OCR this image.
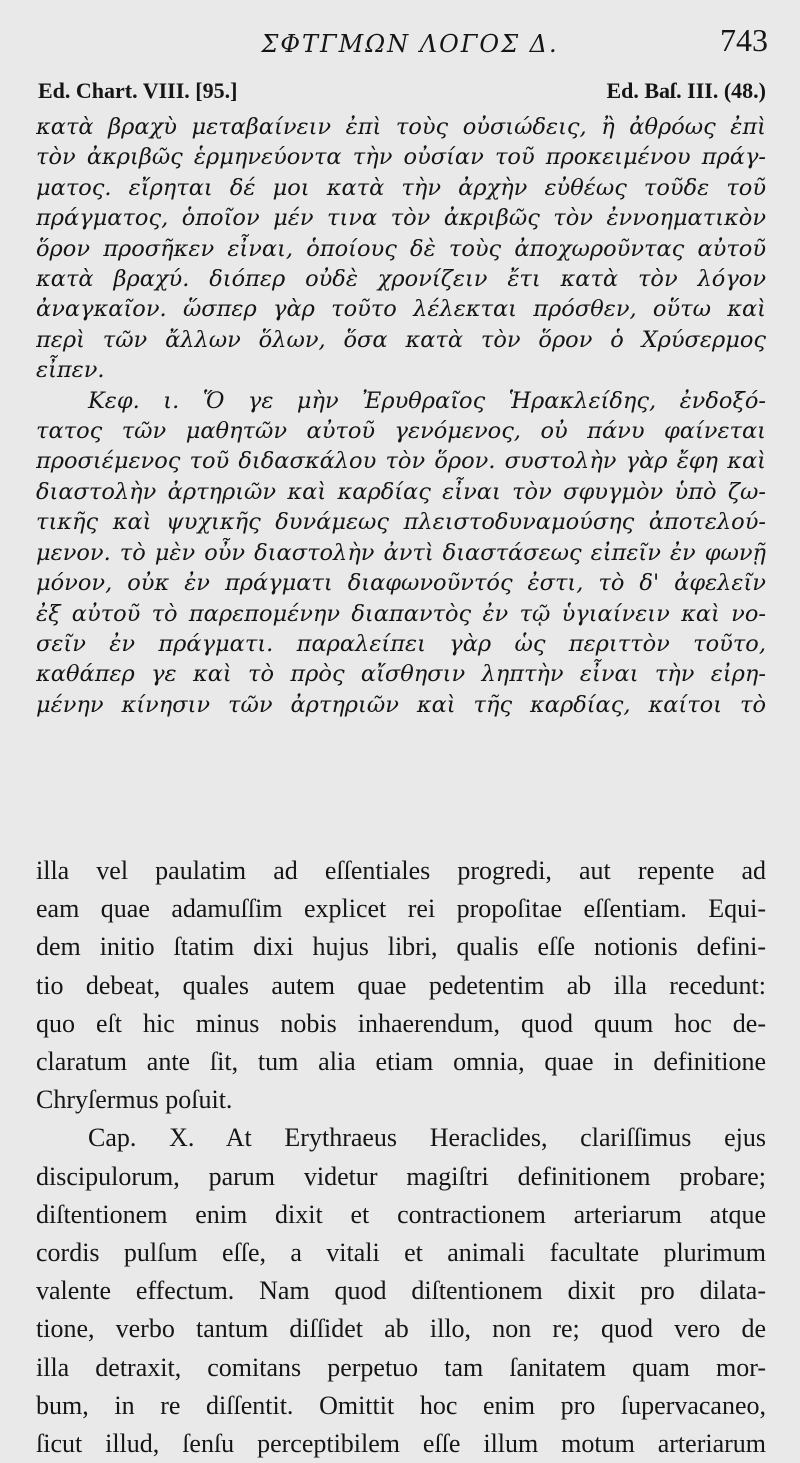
ΣΦΤΓΜΩΝ ΛΟΓΟΣ Δ.	743
Ed. Chart. VIII. [95.]	Ed. Baſ. III. (48.)
κατὰ βραχὺ μεταβαίνειν ἐπὶ τοὺς οὐσιώδεις, ἢ ἀθρόως ἐπὶ
τὸν ἀκριβῶς ἑρμηνεύοντα τὴν οὐσίαν τοῦ προκειμένου πράγ-
ματος. εἴρηται δέ μοι κατὰ τὴν ἀρχὴν εὐθέως τοῦδε τοῦ
πράγματος, ὁποῖον μέν τινα τὸν ἀκριβῶς τὸν ἐννοηματικὸν
ὅρον προσῆκεν εἶναι, ὁποίους δὲ τοὺς ἀποχωροῦντας αὐτοῦ
κατὰ βραχύ. διόπερ οὐδὲ χρονίζειν ἔτι κατὰ τὸν λόγον
ἀναγκαῖον. ὥσπερ γὰρ τοῦτο λέλεκται πρόσθεν, οὕτω καὶ
περὶ τῶν ἄλλων ὅλων, ὅσα κατὰ τὸν ὅρον ὁ Χρύσερμος
εἶπεν.
Κεφ. ι. Ὅ γε μὴν Ἐρυθραῖος Ἡρακλείδης, ἐνδοξό-
τατος τῶν μαθητῶν αὐτοῦ γενόμενος, οὐ πάνυ φαίνεται
προσιέμενος τοῦ διδασκάλου τὸν ὅρον. συστολὴν γὰρ ἔφη καὶ
διαστολὴν ἀρτηριῶν καὶ καρδίας εἶναι τὸν σφυγμὸν ὑπὸ ζω-
τικῆς καὶ ψυχικῆς δυνάμεως πλειστοδυναμούσης ἀποτελού-
μενον. τὸ μὲν οὖν διαστολὴν ἀντὶ διαστάσεως εἰπεῖν ἐν φωνῇ
μόνον, οὐκ ἐν πράγματι διαφωνοῦντός ἐστι, τὸ δ' ἀφελεῖν
ἐξ αὐτοῦ τὸ παρεπομένην διαπαντὸς ἐν τῷ ὑγιαίνειν καὶ νο-
σεῖν ἐν πράγματι. παραλείπει γὰρ ὡς περιττὸν τοῦτο,
καθάπερ γε καὶ τὸ πρὸς αἴσθησιν ληπτὴν εἶναι τὴν εἰρη-
μένην κίνησιν τῶν ἀρτηριῶν καὶ τῆς καρδίας, καίτοι τὸ
illa vel paulatim ad eſſentiales progredi, aut repente ad
eam quae adamuſſim explicet rei propoſitae eſſentiam. Equi-
dem initio ſtatim dixi hujus libri, qualis eſſe notionis defini-
tio debeat, quales autem quae pedetentim ab illa recedunt:
quo eſt hic minus nobis inhaerendum, quod quum hoc de-
claratum ante ſit, tum alia etiam omnia, quae in definitione
Chryſermus poſuit.
Cap. X. At Erythraeus Heraclides, clariſſimus ejus
discipulorum, parum videtur magiſtri definitionem probare;
diſtentionem enim dixit et contractionem arteriarum atque
cordis pulſum eſſe, a vitali et animali facultate plurimum
valente effectum. Nam quod diſtentionem dixit pro dilata-
tione, verbo tantum diſſidet ab illo, non re; quod vero de
illa detraxit, comitans perpetuo tam ſanitatem quam mor-
bum, in re diſſentit. Omittit hoc enim pro ſupervacaneo,
ſicut illud, ſenſu perceptibilem eſſe illum motum arteriarum
